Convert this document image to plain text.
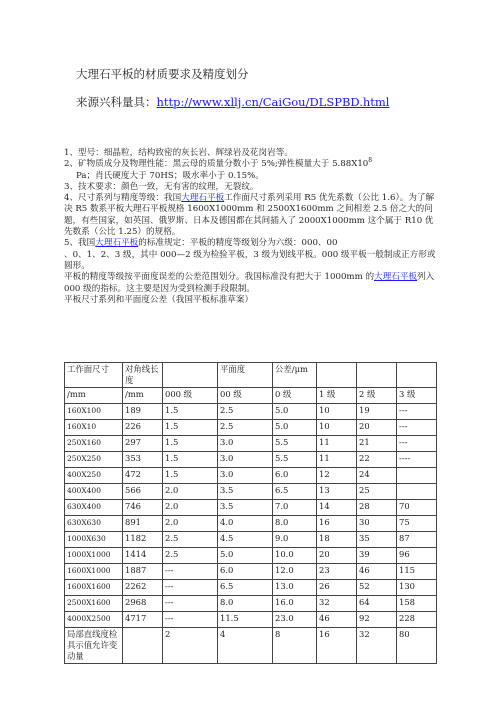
大理石平板的材质要求及精度划分
来源兴科量具：http://www.xllj.cn/CaiGou/DLSPBD.html

1、型号：细晶粒，结构致密的灰长岩、辉绿岩及花岗岩等。

2、矿物质成分及物理性能：黑云母的质量分数小于 5%;弹性模量大于 $5.88X10^8$

Pa；肖氏硬度大于 70HS；吸水率小于 0.15%。

3、技术要求：颜色一致，无有害的纹理，无裂纹。

4、尺寸系列与精度等级：我国大理石平板工作面尺寸系列采用 R5 优先系数（公比 1.6）。为了解决 R5 数系平板大理石平板规格 1600X1000mm 和 2500X1600mm 之间相差 2.5 倍之大的问题，有些国家，如英国、俄罗斯、日本及德国都在其间插入了 2000X1000mm 这个属于 R10 优先数系（公比 1.25）的规格。

5、我国大理石平板的标准规定：平板的精度等级划分为六级：000、00

、0、1、2、3 级，其中 000—2 级为检验平板，3 级为划线平板。000 级平板一般制成正方形或圆形。

平板的精度等级按平面度误差的公差范围划分。我国标准没有把大于 1000mm 的大理石平板列入 000 级的指标。这主要是因为受到检测手段限制。

平板尺寸系列和平面度公差（我国平板标准草案）

工作面尺寸	对角线长度		平面度	公差/μm			
/mm	/mm	000 级	00 级	0 级	1 级	2 级	3 级
160X100	189	1.5	2.5	5.0	10	19	---
160X10	226	1.5	2.5	5.0	10	20	---
250X160	297	1.5	3.0	5.5	11	21	---
250X250	353	1.5	3.0	5.5	11	22	----
400X250	472	1.5	3.0	6.0	12	24	
400X400	566	2.0	3.5	6.5	13	25	
630X400	746	2.0	3.5	7.0	14	28	70
630X630	891	2.0	4.0	8.0	16	30	75
1000X630	1182	2.5	4.5	9.0	18	35	87
1000X1000	1414	2.5	5.0	10.0	20	39	96
1600X1000	1887	---	6.0	12.0	23	46	115
1600X1600	2262	---	6.5	13.0	26	52	130
2500X1600	2968	---	8.0	16.0	32	64	158
4000X2500	4717	---	11.5	23.0	46	92	228
局部直线度检具示值允许变动量		2	4	8	16	32	80
